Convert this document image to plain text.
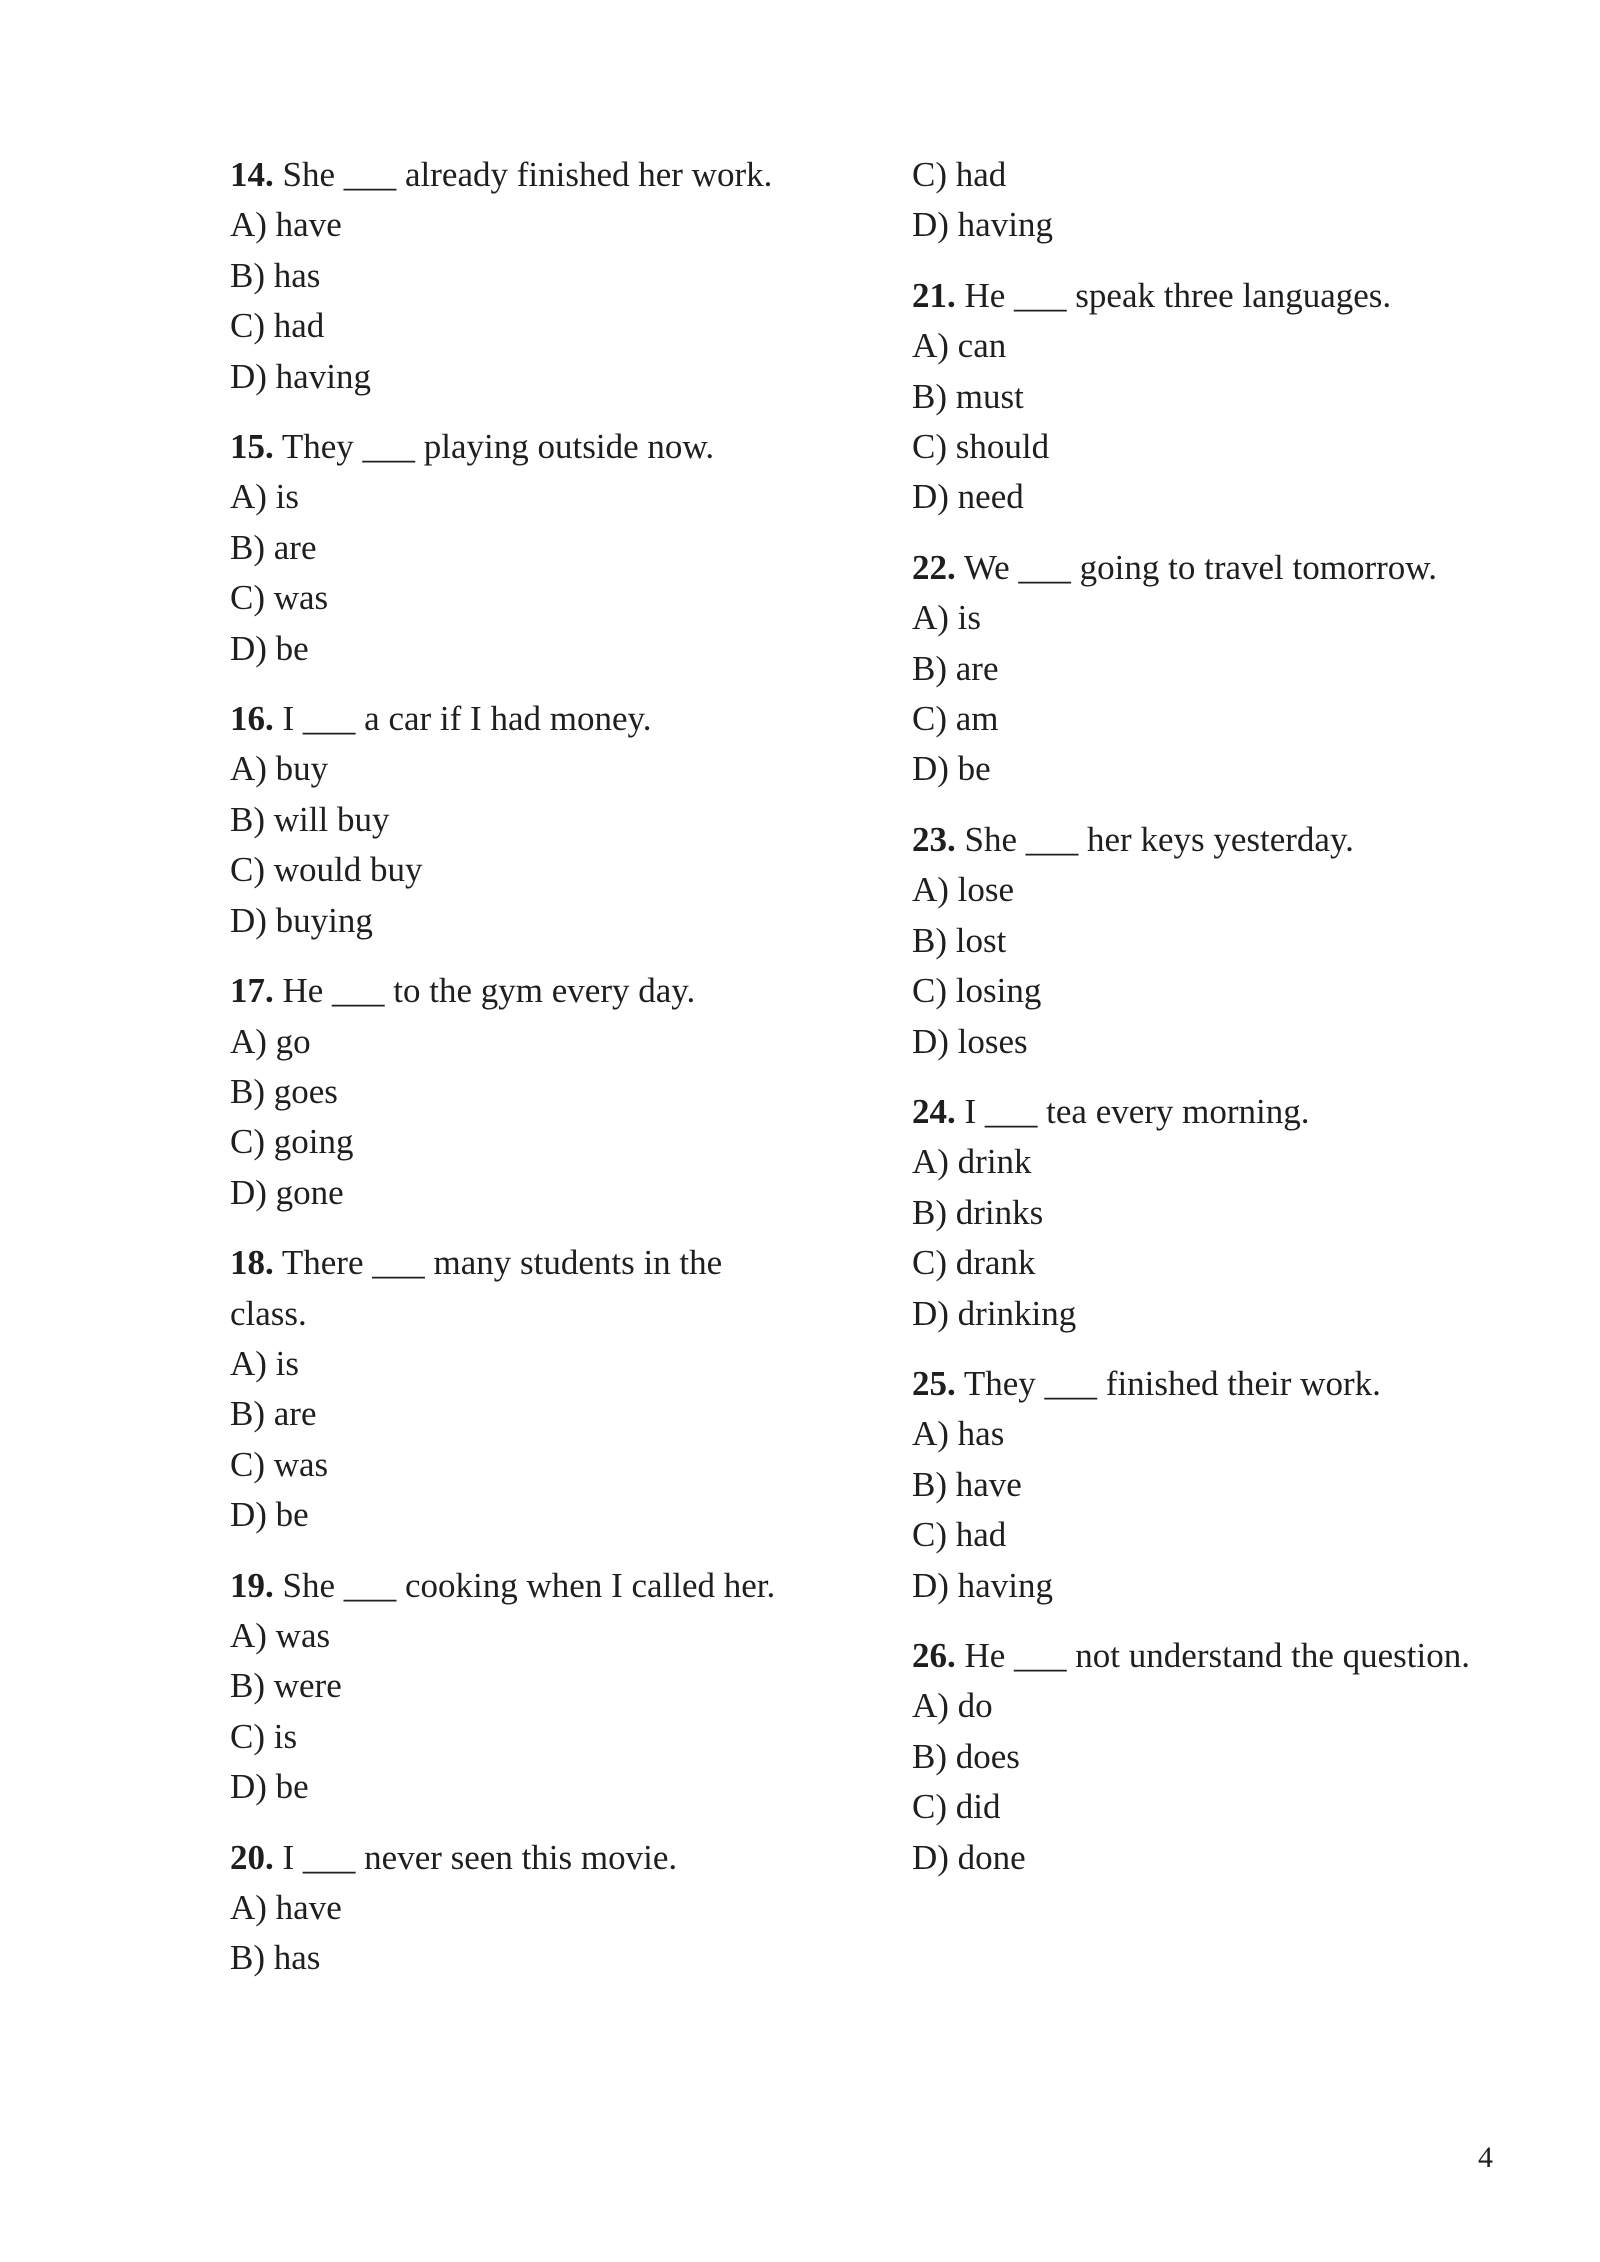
14. She ___ already finished her work.

A) have

B) has

C) had

D) having

15. They ___ playing outside now.

A) is

B) are

C) was

D) be

16. I ___ a car if I had money.

A) buy

B) will buy

C) would buy

D) buying

17. He ___ to the gym every day.

A) go

B) goes

C) going

D) gone

18. There ___ many students in the class.

A) is

B) are

C) was

D) be

19. She ___ cooking when I called her.

A) was

B) were

C) is

D) be

20. I ___ never seen this movie.

A) have

B) has

C) had

D) having

21. He ___ speak three languages.

A) can

B) must

C) should

D) need

22. We ___ going to travel tomorrow.

A) is

B) are

C) am

D) be

23. She ___ her keys yesterday.

A) lose

B) lost

C) losing

D) loses

24. I ___ tea every morning.

A) drink

B) drinks

C) drank

D) drinking

25. They ___ finished their work.

A) has

B) have

C) had

D) having

26. He ___ not understand the question.

A) do

B) does

C) did

D) done

4
